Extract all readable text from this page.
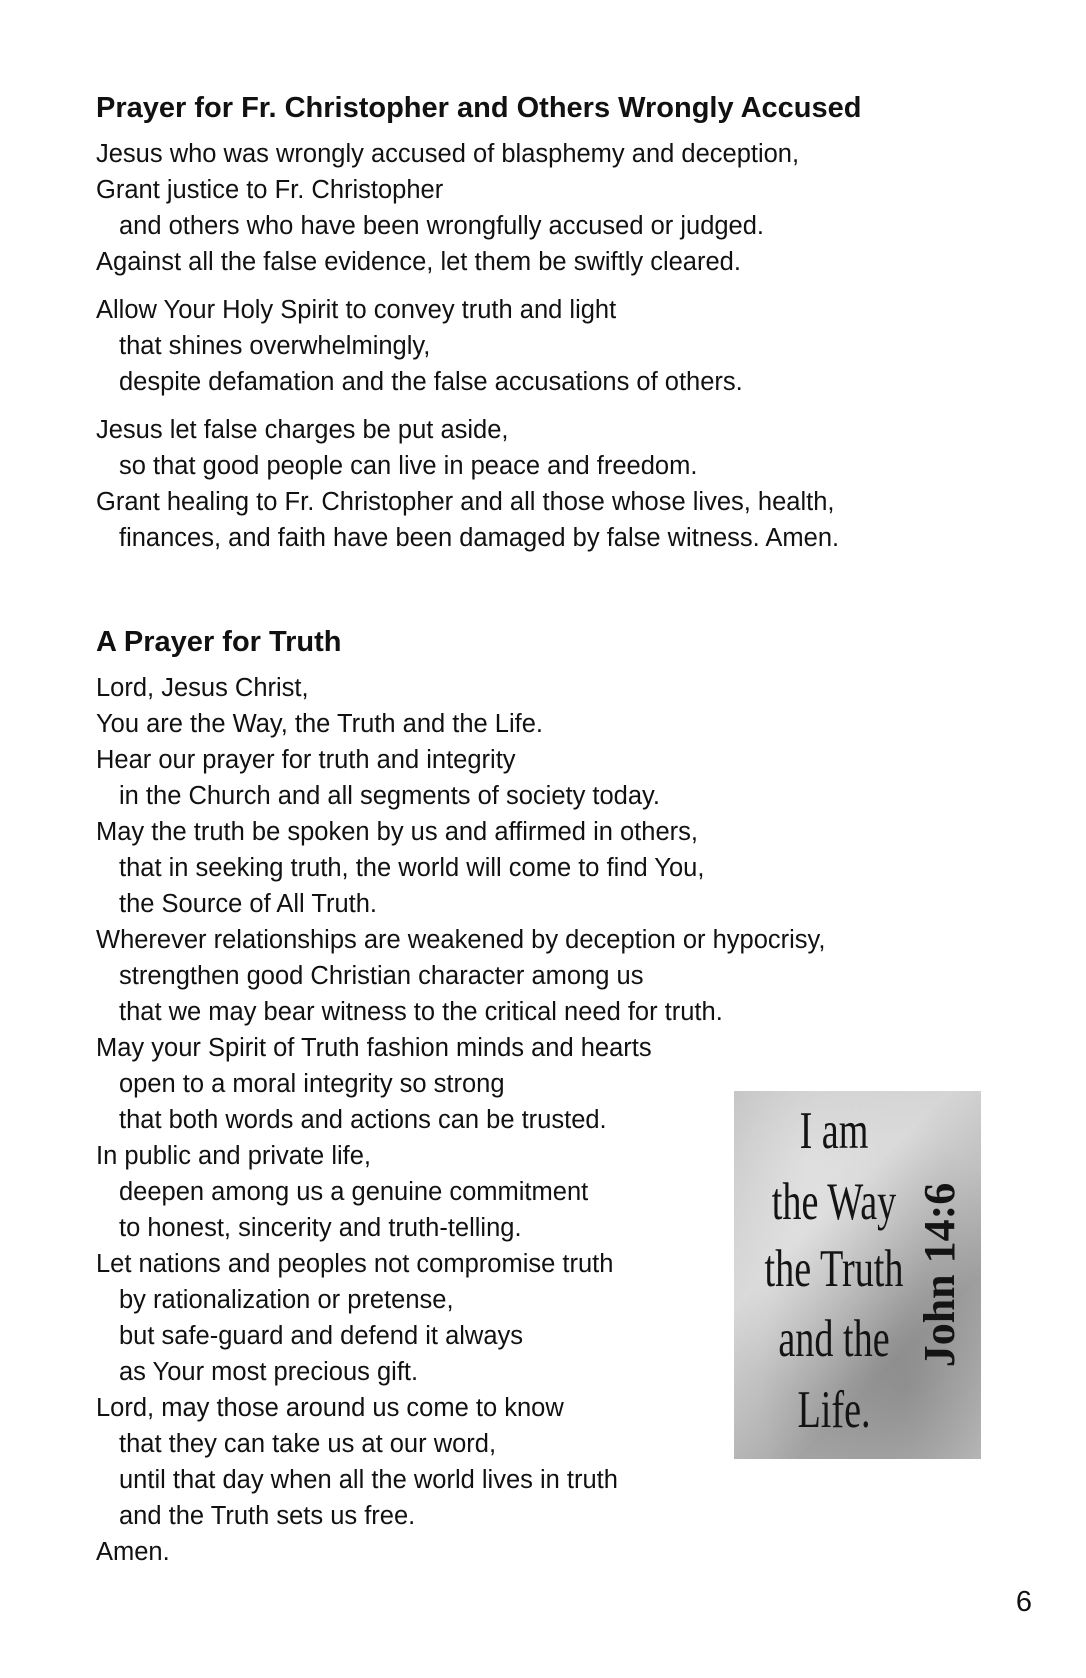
Prayer for Fr. Christopher and Others Wrongly Accused
Jesus who was wrongly accused of blasphemy and deception,
Grant justice to Fr. Christopher
and others who have been wrongfully accused or judged.
Against all the false evidence, let them be swiftly cleared.
Allow Your Holy Spirit to convey truth and light
that shines overwhelmingly,
despite defamation and the false accusations of others.
Jesus let false charges be put aside,
so that good people can live in peace and freedom.
Grant healing to Fr. Christopher and all those whose lives, health,
finances, and faith have been damaged by false witness. Amen.
A Prayer for Truth
Lord, Jesus Christ,
You are the Way, the Truth and the Life.
Hear our prayer for truth and integrity
in the Church and all segments of society today.
May the truth be spoken by us and affirmed in others,
that in seeking truth, the world will come to find You,
the Source of All Truth.
Wherever relationships are weakened by deception or hypocrisy,
strengthen good Christian character among us
that we may bear witness to the critical need for truth.
May your Spirit of Truth fashion minds and hearts
open to a moral integrity so strong
that both words and actions can be trusted.
In public and private life,
deepen among us a genuine commitment
to honest, sincerity and truth-telling.
Let nations and peoples not compromise truth
by rationalization or pretense,
but safe-guard and defend it always
as Your most precious gift.
Lord, may those around us come to know
that they can take us at our word,
until that day when all the world lives in truth
and the Truth sets us free.
Amen.
I am
the Way
the Truth
and the
Life.
John 14:6
6
